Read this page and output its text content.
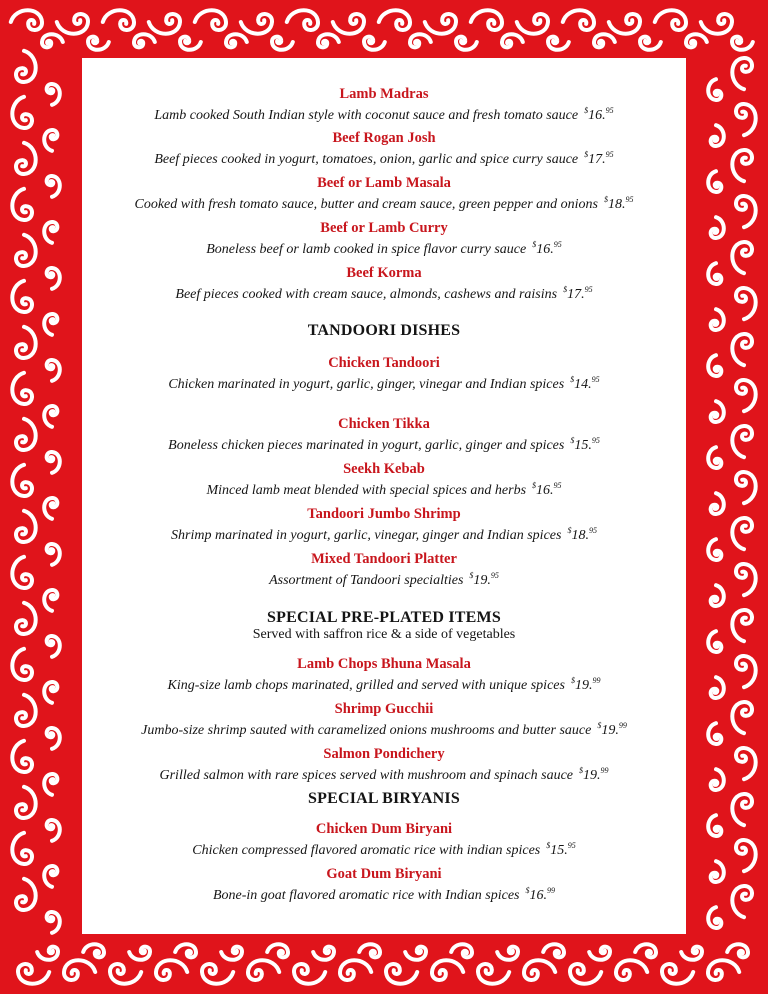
Lamb Madras
Lamb cooked South Indian style with coconut sauce and fresh tomato sauce $16.95
Beef Rogan Josh
Beef pieces cooked in yogurt, tomatoes, onion, garlic and spice curry sauce $17.95
Beef or Lamb Masala
Cooked with fresh tomato sauce, butter and cream sauce, green pepper and onions $18.95
Beef or Lamb Curry
Boneless beef or lamb cooked in spice flavor curry sauce $16.95
Beef Korma
Beef pieces cooked with cream sauce, almonds, cashews and raisins $17.95
TANDOORI DISHES
Chicken Tandoori
Chicken marinated in yogurt, garlic, ginger, vinegar and Indian spices $14.95
Chicken Tikka
Boneless chicken pieces marinated in yogurt, garlic, ginger and spices $15.95
Seekh Kebab
Minced lamb meat blended with special spices and herbs $16.95
Tandoori Jumbo Shrimp
Shrimp marinated in yogurt, garlic, vinegar, ginger and Indian spices $18.95
Mixed Tandoori Platter
Assortment of Tandoori specialties $19.95
SPECIAL PRE-PLATED ITEMS
Served with saffron rice & a side of vegetables
Lamb Chops Bhuna Masala
King-size lamb chops marinated, grilled and served with unique spices $19.99
Shrimp Gucchii
Jumbo-size shrimp sauted with caramelized onions mushrooms and butter sauce $19.99
Salmon Pondichery
Grilled salmon with rare spices served with mushroom and spinach sauce $19.99
SPECIAL BIRYANIS
Chicken Dum Biryani
Chicken compressed flavored aromatic rice with indian spices $15.95
Goat Dum Biryani
Bone-in goat flavored aromatic rice with Indian spices $16.99
menupix
